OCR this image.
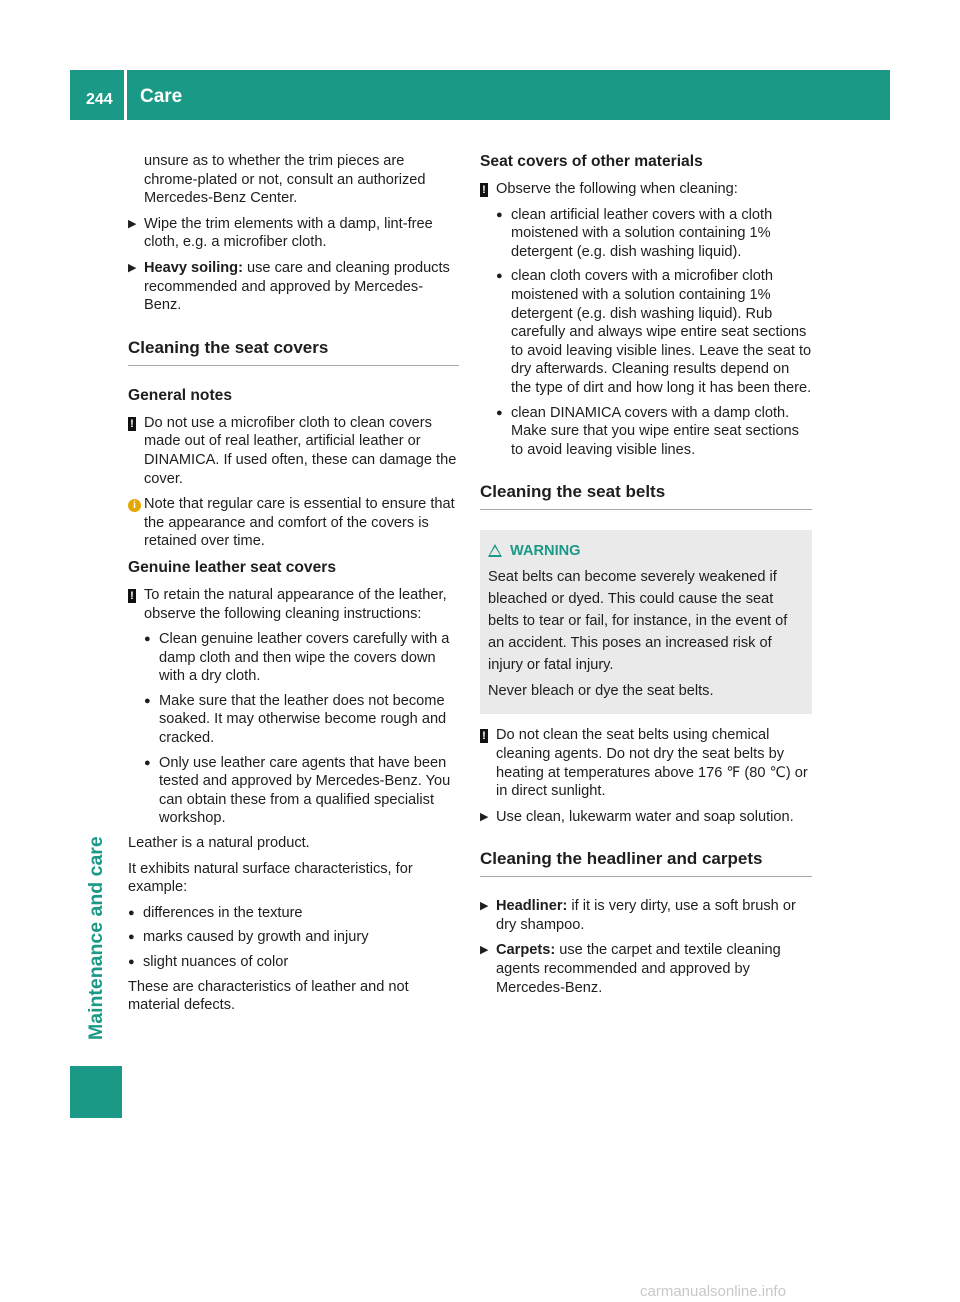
244 Care
Maintenance and care

unsure as to whether the trim pieces are chrome-plated or not, consult an authorized Mercedes-Benz Center.

▶ Wipe the trim elements with a damp, lint-free cloth, e.g. a microfiber cloth.
▶ Heavy soiling: use care and cleaning products recommended and approved by Mercedes-Benz.
Cleaning the seat covers
General notes
! Do not use a microfiber cloth to clean covers made out of real leather, artificial leather or DINAMICA. If used often, these can damage the cover.
i Note that regular care is essential to ensure that the appearance and comfort of the covers is retained over time.
Genuine leather seat covers
! To retain the natural appearance of the leather, observe the following cleaning instructions:
● Clean genuine leather covers carefully with a damp cloth and then wipe the covers down with a dry cloth.
● Make sure that the leather does not become soaked. It may otherwise become rough and cracked.
● Only use leather care agents that have been tested and approved by Mercedes-Benz. You can obtain these from a qualified specialist workshop.

Leather is a natural product.

It exhibits natural surface characteristics, for example:

● differences in the texture
● marks caused by growth and injury
● slight nuances of color

These are characteristics of leather and not material defects.

Seat covers of other materials
! Observe the following when cleaning:
● clean artificial leather covers with a cloth moistened with a solution containing 1% detergent (e.g. dish washing liquid).
● clean cloth covers with a microfiber cloth moistened with a solution containing 1% detergent (e.g. dish washing liquid). Rub carefully and always wipe entire seat sections to avoid leaving visible lines. Leave the seat to dry afterwards. Cleaning results depend on the type of dirt and how long it has been there.
● clean DINAMICA covers with a damp cloth. Make sure that you wipe entire seat sections to avoid leaving visible lines.
Cleaning the seat belts
WARNING

Seat belts can become severely weakened if bleached or dyed. This could cause the seat belts to tear or fail, for instance, in the event of an accident. This poses an increased risk of injury or fatal injury.

Never bleach or dye the seat belts.

! Do not clean the seat belts using chemical cleaning agents. Do not dry the seat belts by heating at temperatures above 176 ℉ (80 ℃) or in direct sunlight.
▶ Use clean, lukewarm water and soap solution.
Cleaning the headliner and carpets
▶ Headliner: if it is very dirty, use a soft brush or dry shampoo.
▶ Carpets: use the carpet and textile cleaning agents recommended and approved by Mercedes-Benz.
carmanualsonline.info
